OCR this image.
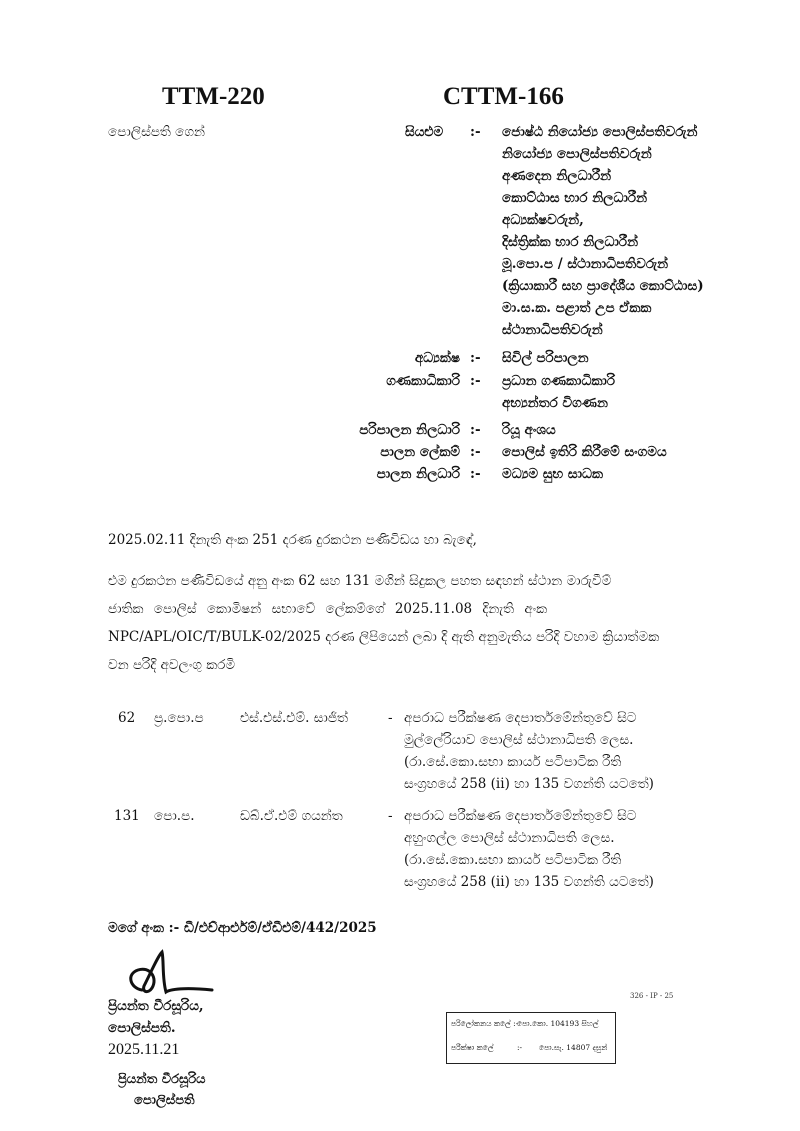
TTM-220	CTTM-166
පොලිස්පති ගෙන්	සියළුම :- ජොෂ්ඨ නියෝජ්‍ය පොලිස්පතිවරුන්
නියෝජ්‍ය පොලිස්පතිවරුන්
අණදෙන නිලධාරීන්
කොට්ඨාස භාර නිලධාරීන්
අධ්‍යක්ෂවරුන්,
දිස්ත්‍රික්ක භාර නිලධාරීන්
මූ.පො.ප / ස්ථානාධිපතිවරුන්
(ක්‍රියාකාරී සහ ප්‍රාදේශීය කොට්ඨාස)
මා.ස.ක. පළාත් උප ඒකක
ස්ථානාධිපතිවරුන්
අධ්‍යක්ෂ :- සිවිල් පරිපාලන
ගණකාධිකාරි :- ප්‍රධාන ගණකාධිකාරි
අභ්‍යන්තර විගණන
පරිපාලන නිලධාරි :- රියූ අංශය
පාලන ලේකම් :- පොලිස් ඉතිරි කිරීමේ සංගමය
පාලන නිලධාරි :- මධ්‍යම සුභ සාධක
2025.02.11 දිනැති අංක 251 දරණ දුරකථන පණිවිඩය හා බැඳේ,
එම දුරකථන පණිවිඩයේ අනු අංක 62 සහ 131 මගින් සිදුකල පහත සඳහන් ස්ථාන මාරුවීම්
ජාතික පොලිස් කොමිෂන් සභාවේ ලේකම්ගේ 2025.11.08 දිනැති අංක
NPC/APL/OIC/T/BULK-02/2025 දරණ ලිපියෙන් ලබා දි ඇති අනුමැතිය පරිදි වහාම ක්‍රියාත්මක
වන පරිදි අවලංගු කරමි
62 ප්‍ර.පො.ප	එස්.එස්.එම්. සාජිත්	- අපරාධ පරීක්ෂණ දෙපාර්තමේන්තුවේ සිට
මුල්ලේරියාව පොලිස් ස්ථානාධිපති ලෙස.
(රා.සේ.කො.සභා කාර්ය පටිපාටික රීති
සංග්‍රහයේ 258 (ii) හා 135 වගන්ති යටතේ)
131 පො.ප.	ඩබ්.ඒ.එම් ගයන්ත	- අපරාධ පරීක්ෂණ දෙපාර්තමේන්තුවේ සිට
අහුංගල්ල පොලිස් ස්ථානාධිපති ලෙස.
(රා.සේ.කො.සභා කාර්ය පටිපාටික රීති
සංග්‍රහයේ 258 (ii) හා 135 වගන්ති යටතේ)
මගේ අංක :- ඩී/එච්ආර්එම්/ඒඩීඑම්/442/2025
ප්‍රියන්ත වීරසූරිය,
පොලිස්පති.
2025.11.21
ප්‍රියන්ත වීරසූරිය
පොලිස්පති
326 - IP - 25
පරිලෝකනය කලේ :-
පො.කො. 104193 සිහල්
පරීක්ෂා කලේ	:- පො.සැ. 14807 දසුන්
